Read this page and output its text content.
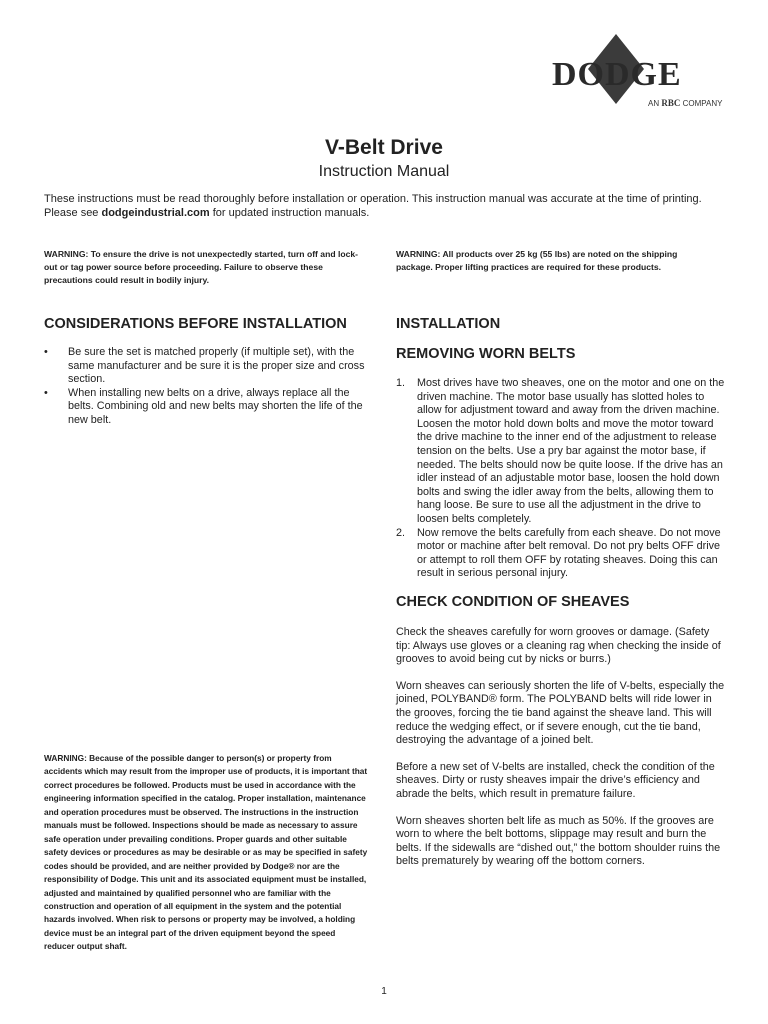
DODGE
AN RBC COMPANY
V-Belt Drive
Instruction Manual
These instructions must be read thoroughly before installation or operation. This instruction manual was accurate at the time of printing. Please see dodgeindustrial.com for updated instruction manuals.
WARNING: To ensure the drive is not unexpectedly started, turn off and lock-out or tag power source before proceeding. Failure to observe these precautions could result in bodily injury.
WARNING: All products over 25 kg (55 lbs) are noted on the shipping package. Proper lifting practices are required for these products.
CONSIDERATIONS BEFORE INSTALLATION
• Be sure the set is matched properly (if multiple set), with the same manufacturer and be sure it is the proper size and cross section.
• When installing new belts on a drive, always replace all the belts. Combining old and new belts may shorten the life of the new belt.
INSTALLATION
REMOVING WORN BELTS
1. Most drives have two sheaves, one on the motor and one on the driven machine. The motor base usually has slotted holes to allow for adjustment toward and away from the driven machine. Loosen the motor hold down bolts and move the motor toward the drive machine to the inner end of the adjustment to release tension on the belts. Use a pry bar against the motor base, if needed. The belts should now be quite loose. If the drive has an idler instead of an adjustable motor base, loosen the hold down bolts and swing the idler away from the belts, allowing them to hang loose. Be sure to use all the adjustment in the drive to loosen belts completely.
2. Now remove the belts carefully from each sheave. Do not move motor or machine after belt removal. Do not pry belts OFF drive or attempt to roll them OFF by rotating sheaves. Doing this can result in serious personal injury.
CHECK CONDITION OF SHEAVES

Check the sheaves carefully for worn grooves or damage. (Safety tip: Always use gloves or a cleaning rag when checking the inside of grooves to avoid being cut by nicks or burrs.)

Worn sheaves can seriously shorten the life of V-belts, especially the joined, POLYBAND® form. The POLYBAND belts will ride lower in the grooves, forcing the tie band against the sheave land. This will reduce the wedging effect, or if severe enough, cut the tie band, destroying the advantage of a joined belt.

Before a new set of V-belts are installed, check the condition of the sheaves. Dirty or rusty sheaves impair the drive’s efficiency and abrade the belts, which result in premature failure.

Worn sheaves shorten belt life as much as 50%. If the grooves are worn to where the belt bottoms, slippage may result and burn the belts. If the sidewalls are “dished out,” the bottom shoulder ruins the belts prematurely by wearing off the bottom corners.

WARNING: Because of the possible danger to person(s) or property from accidents which may result from the improper use of products, it is important that correct procedures be followed. Products must be used in accordance with the engineering information specified in the catalog. Proper installation, maintenance and operation procedures must be observed. The instructions in the instruction manuals must be followed. Inspections should be made as necessary to assure safe operation under prevailing conditions. Proper guards and other suitable safety devices or procedures as may be desirable or as may be specified in safety codes should be provided, and are neither provided by Dodge® nor are the responsibility of Dodge. This unit and its associated equipment must be installed, adjusted and maintained by qualified personnel who are familiar with the construction and operation of all equipment in the system and the potential hazards involved. When risk to persons or property may be involved, a holding device must be an integral part of the driven equipment beyond the speed reducer output shaft.
1
